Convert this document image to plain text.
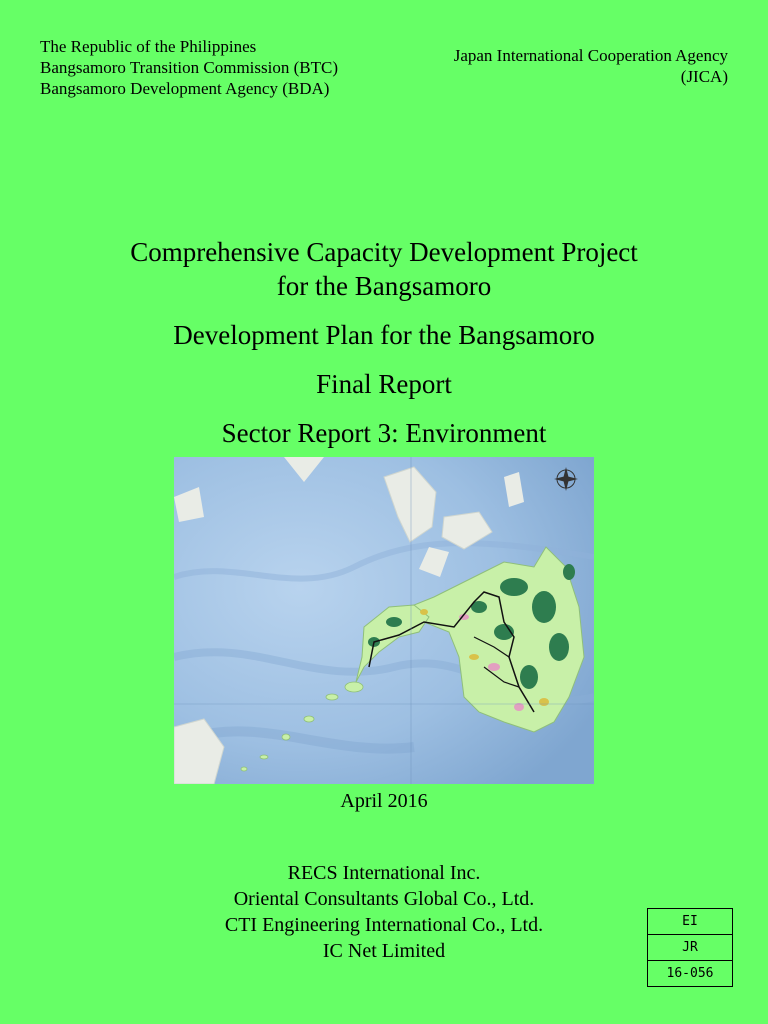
The Republic of the Philippines
Bangsamoro Transition Commission (BTC)
Bangsamoro Development Agency (BDA)
Japan International Cooperation Agency
(JICA)
Comprehensive Capacity Development Project
for the Bangsamoro
Development Plan for the Bangsamoro
Final Report
Sector Report 3: Environment
April 2016
RECS International Inc.
Oriental Consultants Global Co., Ltd.
CTI Engineering International Co., Ltd.
IC Net Limited
EI
JR
16-056
